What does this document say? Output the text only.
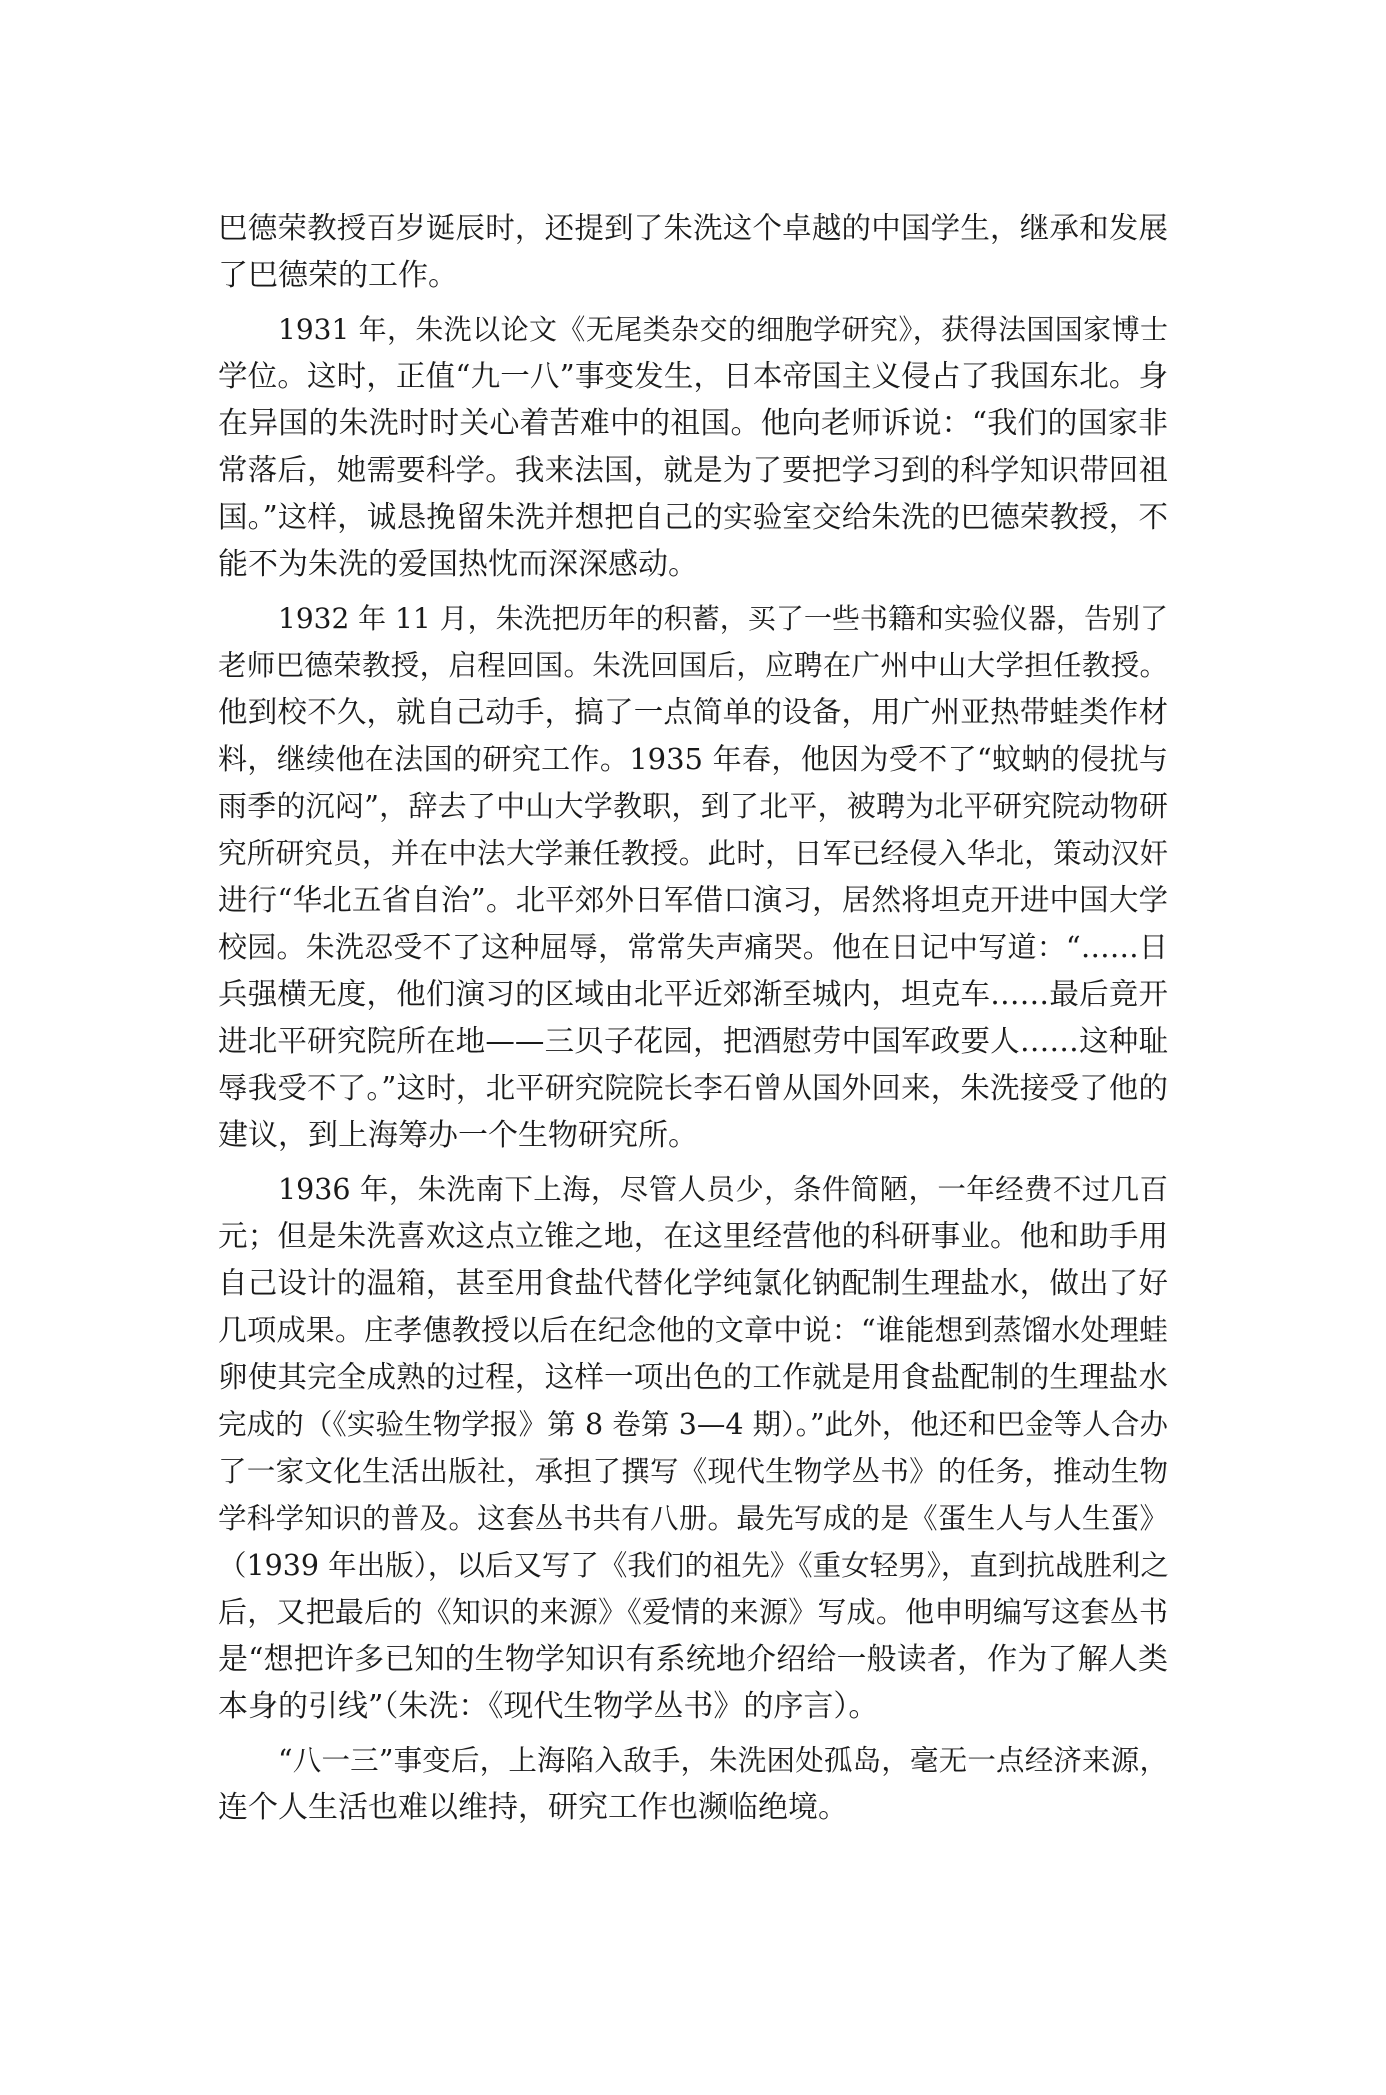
巴德荣教授百岁诞辰时，还提到了朱洗这个卓越的中国学生，继承和发展
了巴德荣的工作。

1931 年，朱洗以论文《无尾类杂交的细胞学研究》，获得法国国家博士
学位。这时，正值“九一八”事变发生，日本帝国主义侵占了我国东北。身
在异国的朱洗时时关心着苦难中的祖国。他向老师诉说：“我们的国家非
常落后，她需要科学。我来法国，就是为了要把学习到的科学知识带回祖
国。”这样，诚恳挽留朱洗并想把自己的实验室交给朱洗的巴德荣教授，不
能不为朱洗的爱国热忱而深深感动。

1932 年 11 月，朱洗把历年的积蓄，买了一些书籍和实验仪器，告别了
老师巴德荣教授，启程回国。朱洗回国后，应聘在广州中山大学担任教授。
他到校不久，就自己动手，搞了一点简单的设备，用广州亚热带蛙类作材
料，继续他在法国的研究工作。1935 年春，他因为受不了“蚊蚋的侵扰与
雨季的沉闷”，辞去了中山大学教职，到了北平，被聘为北平研究院动物研
究所研究员，并在中法大学兼任教授。此时，日军已经侵入华北，策动汉奸
进行“华北五省自治”。北平郊外日军借口演习，居然将坦克开进中国大学
校园。朱洗忍受不了这种屈辱，常常失声痛哭。他在日记中写道：“……日
兵强横无度，他们演习的区域由北平近郊渐至城内，坦克车……最后竟开
进北平研究院所在地——三贝子花园，把酒慰劳中国军政要人……这种耻
辱我受不了。”这时，北平研究院院长李石曾从国外回来，朱洗接受了他的
建议，到上海筹办一个生物研究所。

1936 年，朱洗南下上海，尽管人员少，条件简陋，一年经费不过几百
元；但是朱洗喜欢这点立锥之地，在这里经营他的科研事业。他和助手用
自己设计的温箱，甚至用食盐代替化学纯氯化钠配制生理盐水，做出了好
几项成果。庄孝僡教授以后在纪念他的文章中说：“谁能想到蒸馏水处理蛙
卵使其完全成熟的过程，这样一项出色的工作就是用食盐配制的生理盐水
完成的（《实验生物学报》第 8 卷第 3—4 期）。”此外，他还和巴金等人合办
了一家文化生活出版社，承担了撰写《现代生物学丛书》的任务，推动生物
学科学知识的普及。这套丛书共有八册。最先写成的是《蛋生人与人生蛋》
（1939 年出版），以后又写了《我们的祖先》《重女轻男》，直到抗战胜利之
后，又把最后的《知识的来源》《爱情的来源》写成。他申明编写这套丛书
是“想把许多已知的生物学知识有系统地介绍给一般读者，作为了解人类
本身的引线”（朱洗：《现代生物学丛书》的序言）。

“八一三”事变后，上海陷入敌手，朱洗困处孤岛，毫无一点经济来源，
连个人生活也难以维持，研究工作也濒临绝境。
